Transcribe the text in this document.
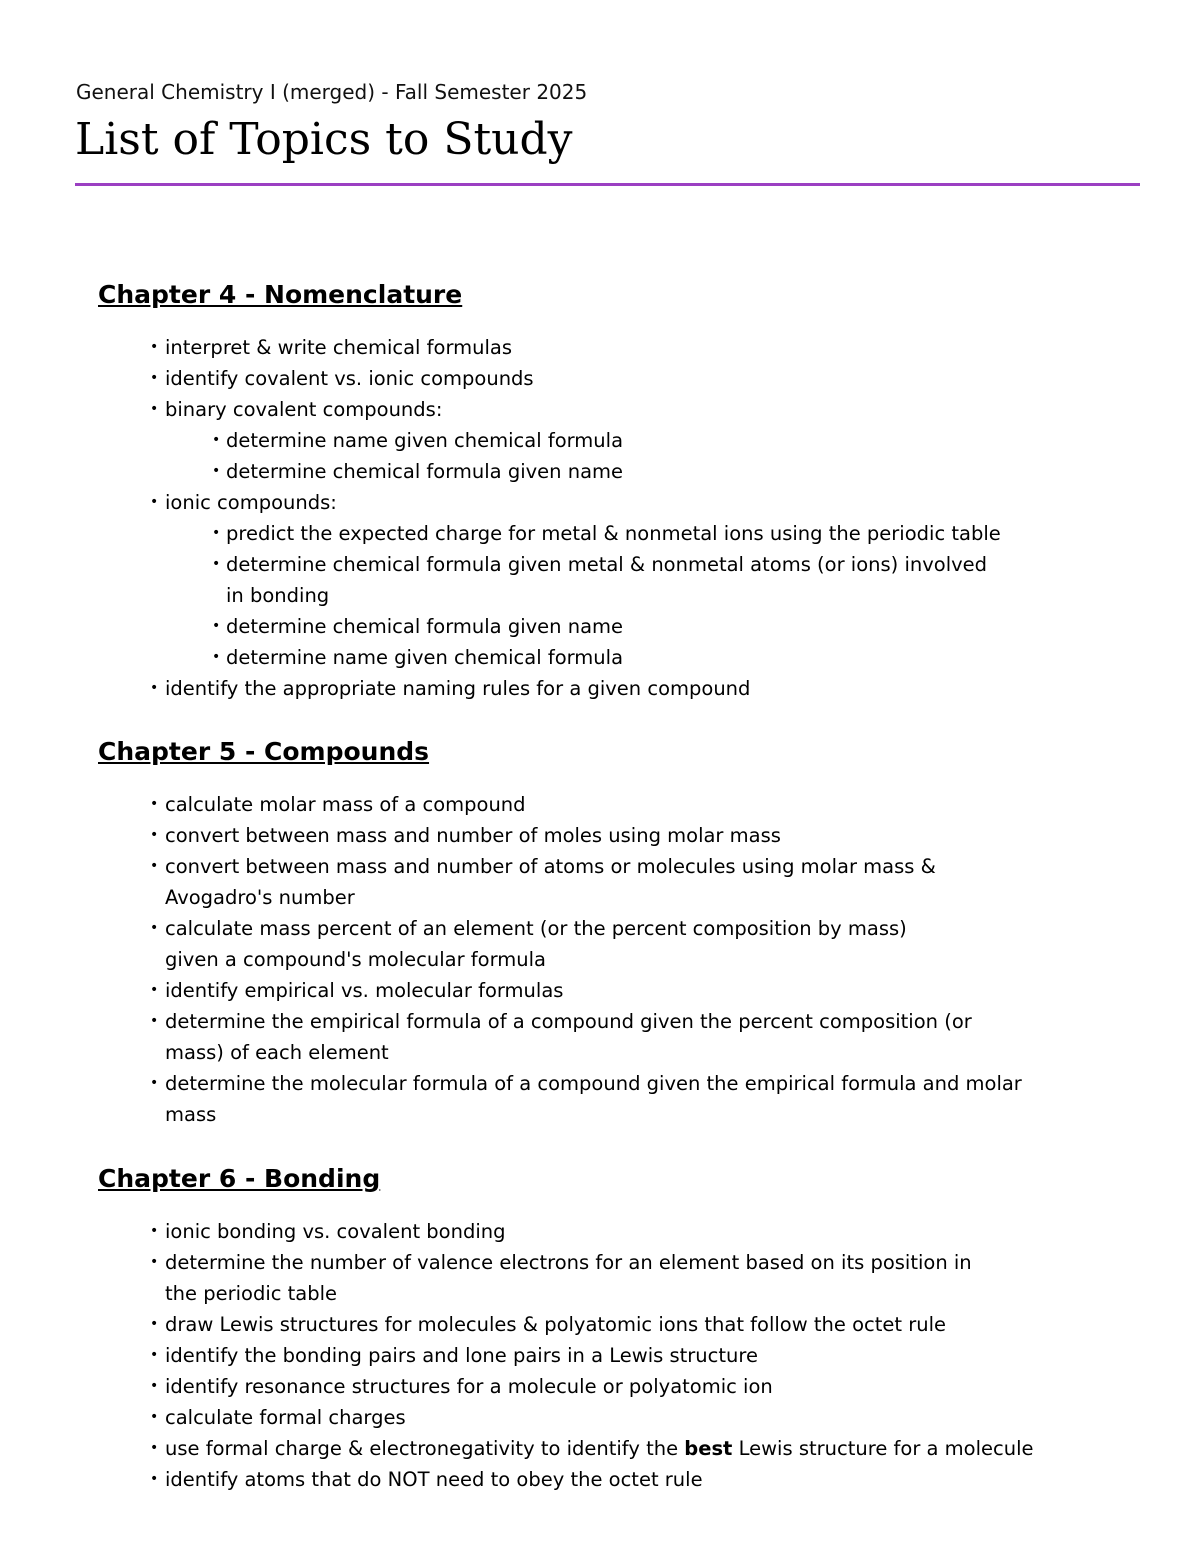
General Chemistry I (merged) - Fall Semester 2025
List of Topics to Study
Chapter 4 - Nomenclature
• interpret & write chemical formulas
• identify covalent vs. ionic compounds
• binary covalent compounds:
• determine name given chemical formula
• determine chemical formula given name
• ionic compounds:
• predict the expected charge for metal & nonmetal ions using the periodic table
• determine chemical formula given metal & nonmetal atoms (or ions) involved in bonding
• determine chemical formula given name
• determine name given chemical formula
• identify the appropriate naming rules for a given compound
Chapter 5 - Compounds
• calculate molar mass of a compound
• convert between mass and number of moles using molar mass
• convert between mass and number of atoms or molecules using molar mass & Avogadro's number
• calculate mass percent of an element (or the percent composition by mass) given a compound's molecular formula
• identify empirical vs. molecular formulas
• determine the empirical formula of a compound given the percent composition (or mass) of each element
• determine the molecular formula of a compound given the empirical formula and molar mass
Chapter 6 - Bonding
• ionic bonding vs. covalent bonding
• determine the number of valence electrons for an element based on its position in the periodic table
• draw Lewis structures for molecules & polyatomic ions that follow the octet rule
• identify the bonding pairs and lone pairs in a Lewis structure
• identify resonance structures for a molecule or polyatomic ion
• calculate formal charges
• use formal charge & electronegativity to identify the best Lewis structure for a molecule
• identify atoms that do NOT need to obey the octet rule
